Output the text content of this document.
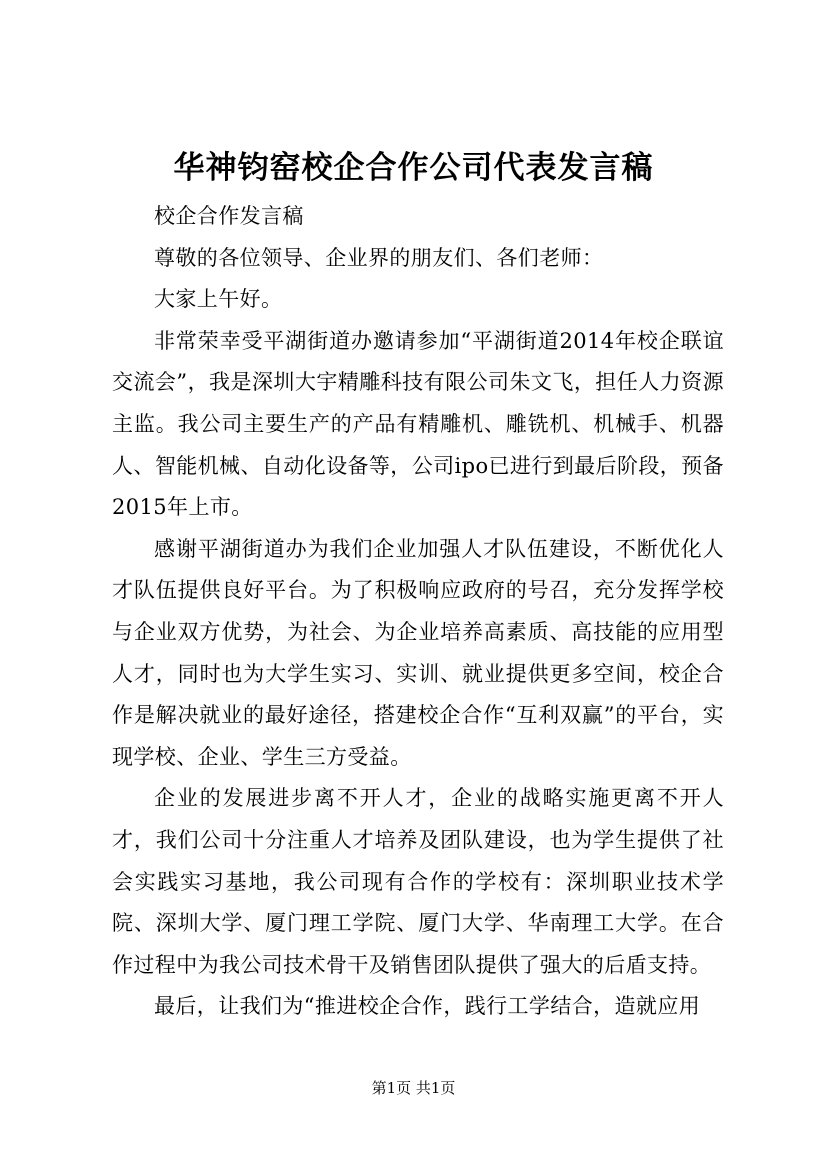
华神钧窑校企合作公司代表发言稿

校企合作发言稿

尊敬的各位领导、企业界的朋友们、各们老师：

大家上午好。

非常荣幸受平湖街道办邀请参加“平湖街道2014年校企联谊交流会”，我是深圳大宇精雕科技有限公司朱文飞，担任人力资源主监。我公司主要生产的产品有精雕机、雕铣机、机械手、机器人、智能机械、自动化设备等，公司ipo已进行到最后阶段，预备2015年上市。

感谢平湖街道办为我们企业加强人才队伍建设，不断优化人才队伍提供良好平台。为了积极响应政府的号召，充分发挥学校与企业双方优势，为社会、为企业培养高素质、高技能的应用型人才，同时也为大学生实习、实训、就业提供更多空间，校企合作是解决就业的最好途径，搭建校企合作“互利双赢”的平台，实现学校、企业、学生三方受益。

企业的发展进步离不开人才，企业的战略实施更离不开人才，我们公司十分注重人才培养及团队建设，也为学生提供了社会实践实习基地，我公司现有合作的学校有：深圳职业技术学院、深圳大学、厦门理工学院、厦门大学、华南理工大学。在合作过程中为我公司技术骨干及销售团队提供了强大的后盾支持。

最后，让我们为“推进校企合作，践行工学结合，造就应用

第1页 共1页
